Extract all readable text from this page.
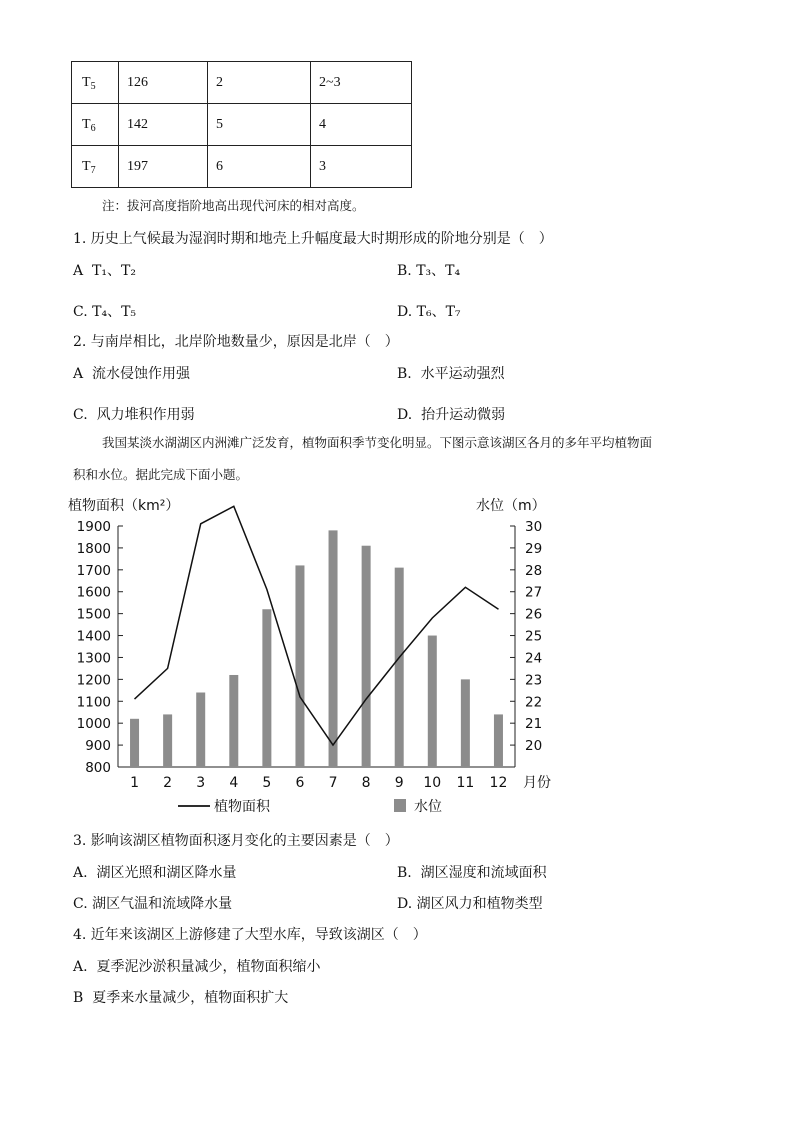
$T_5$	126	2	2~3
$T_6$	142	5	4
$T_7$	197	6	3
注：拔河高度指阶地高出现代河床的相对高度。
1. 历史上气候最为湿润时期和地壳上升幅度最大时期形成的阶地分别是（　）
A T₁、T₂	B. T₃、T₄
C. T₄、T₅	D. T₆、T₇
2. 与南岸相比，北岸阶地数量少，原因是北岸（　）
A 流水侵蚀作用强	B. 水平运动强烈
C. 风力堆积作用弱	D. 抬升运动微弱
我国某淡水湖湖区内洲滩广泛发育，植物面积季节变化明显。下图示意该湖区各月的多年平均植物面
积和水位。据此完成下面小题。
植物面积（km²）	水位（m）
1900
1800
1700
1600
1500
1400
1300
1200
1100
1000
900
800
30
29
28
27
26
25
24
23
22
21
20
1 2 3 4 5 6 7 8 9 10 11 12 月份
植物面积	水位
3. 影响该湖区植物面积逐月变化的主要因素是（　）
A. 湖区光照和湖区降水量	B. 湖区湿度和流域面积
C. 湖区气温和流域降水量	D. 湖区风力和植物类型
4. 近年来该湖区上游修建了大型水库，导致该湖区（　）
A. 夏季泥沙淤积量减少，植物面积缩小
B 夏季来水量减少，植物面积扩大
